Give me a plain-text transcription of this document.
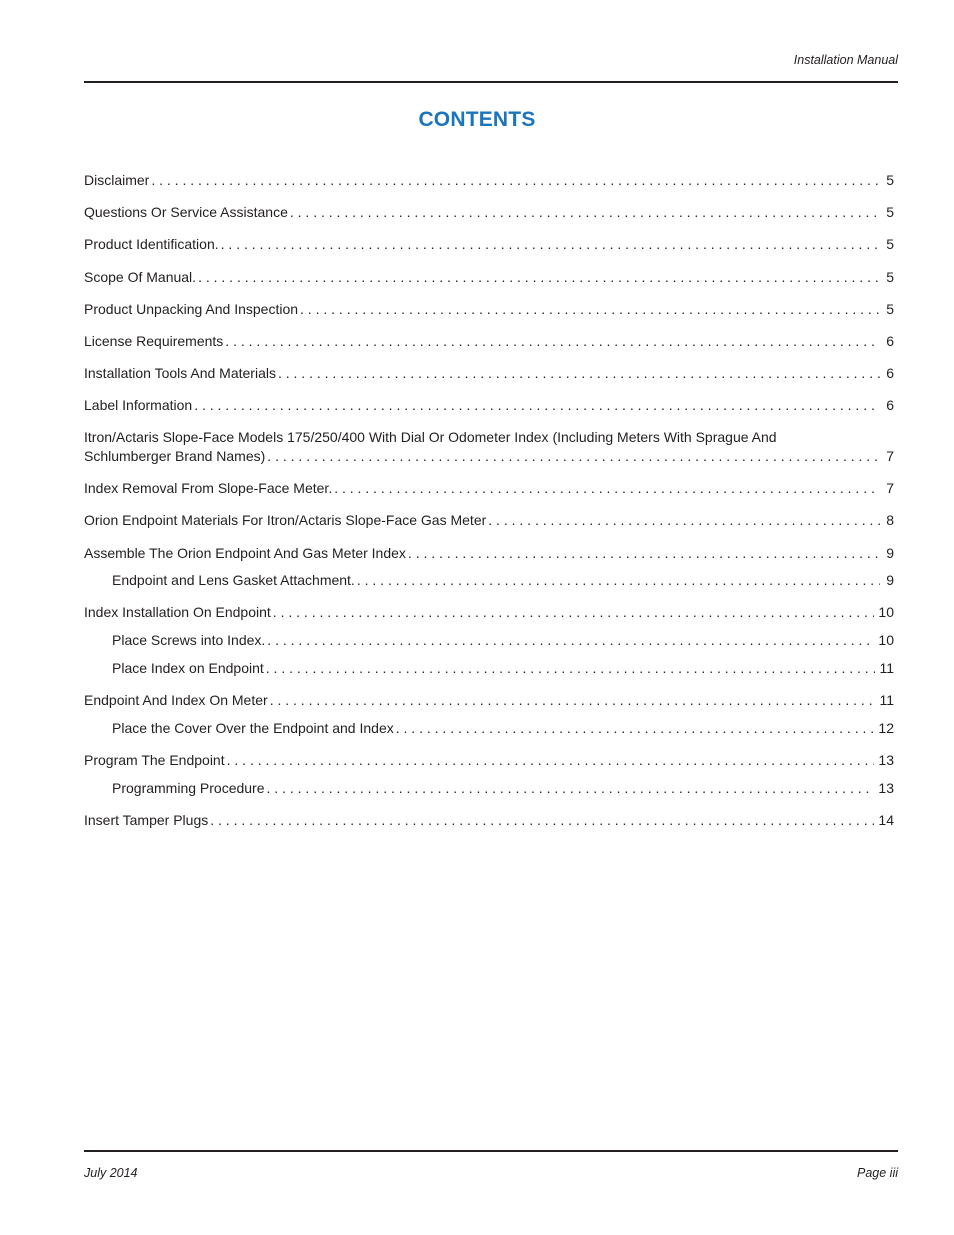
Installation Manual
CONTENTS
Disclaimer . . .	5
Questions Or Service Assistance . . .	5
Product Identification. . . .	5
Scope Of Manual. . . .	5
Product Unpacking And Inspection . . .	5
License Requirements . . .	6
Installation Tools And Materials . . .	6
Label Information . . .	6
Itron/Actaris Slope-Face Models 175/250/400 With Dial Or Odometer Index (Including Meters With Sprague And
Schlumberger Brand Names) . . .	7
Index Removal From Slope-Face Meter. . . .	7
Orion Endpoint Materials For Itron/Actaris Slope-Face Gas Meter . . .	8
Assemble The Orion Endpoint And Gas Meter Index . . .	9
Endpoint and Lens Gasket Attachment. . . .	9
Index Installation On Endpoint . . .	10
Place Screws into Index. . . .	10
Place Index on Endpoint . . .	11
Endpoint And Index On Meter . . .	11
Place the Cover Over the Endpoint and Index . . .	12
Program The Endpoint . . .	13
Programming Procedure . . .	13
Insert Tamper Plugs . . .	14
July 2014	Page iii
